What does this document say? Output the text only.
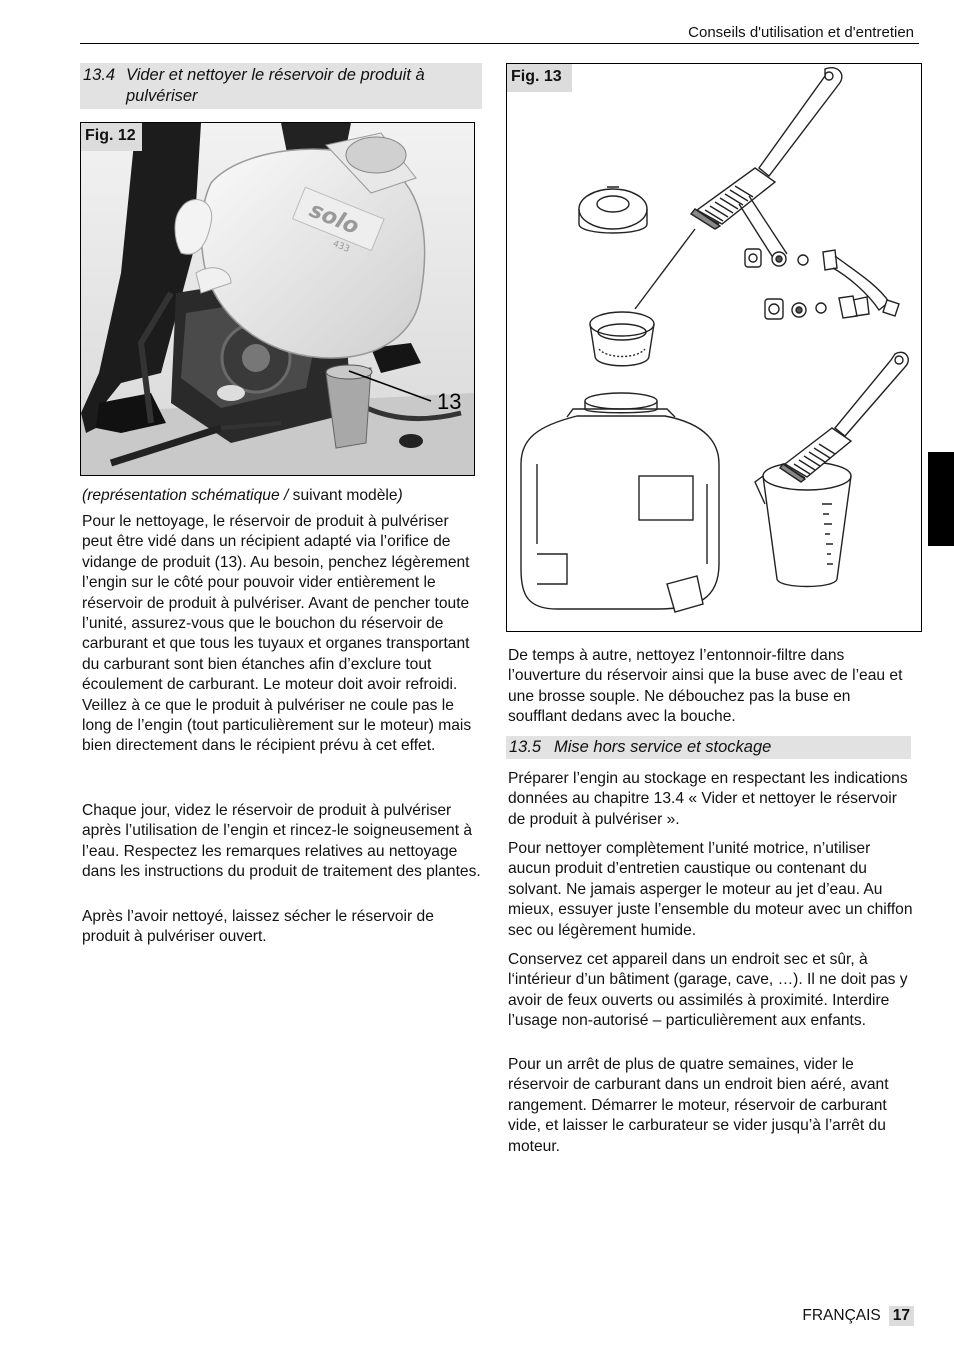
Conseils d'utilisation et d'entretien
13.4 Vider et nettoyer le réservoir de produit à pulvériser
Fig. 12
solo
433
13
Fig. 13

(représentation schématique / suivant modèle)

Pour le nettoyage, le réservoir de produit à pulvériser peut être vidé dans un récipient adapté via l’orifice de vidange de produit (13). Au besoin, penchez légèrement l’engin sur le côté pour pouvoir vider entièrement le réservoir de produit à pulvériser. Avant de pencher toute l’unité, assurez-vous que le bouchon du réservoir de carburant et que tous les tuyaux et organes transportant du carburant sont bien étanches afin d’exclure tout écoulement de carburant. Le moteur doit avoir refroidi. Veillez à ce que le produit à pulvériser ne coule pas le long de l’engin (tout particulièrement sur le moteur) mais bien directement dans le récipient prévu à cet effet.

Chaque jour, videz le réservoir de produit à pulvériser après l’utilisation de l’engin et rincez-le soigneusement à l’eau. Respectez les remarques relatives au nettoyage dans les instructions du produit de traitement des plantes.

Après l’avoir nettoyé, laissez sécher le réservoir de produit à pulvériser ouvert.

De temps à autre, nettoyez l’entonnoir-filtre dans l’ouverture du réservoir ainsi que la buse avec de l’eau et une brosse souple. Ne débouchez pas la buse en soufflant dedans avec la bouche.

13.5 Mise hors service et stockage

Préparer l’engin au stockage en respectant les indications données au chapitre 13.4 « Vider et nettoyer le réservoir de produit à pulvériser ».

Pour nettoyer complètement l’unité motrice, n’utiliser aucun produit d’entretien caustique ou contenant du solvant. Ne jamais asperger le moteur au jet d’eau. Au mieux, essuyer juste l’ensemble du moteur avec un chiffon sec ou légèrement humide.

Conservez cet appareil dans un endroit sec et sûr, à l‘intérieur d’un bâtiment (garage, cave, …). Il ne doit pas y avoir de feux ouverts ou assimilés à proximité. Interdire l’usage non-autorisé – particulièrement aux enfants.

Pour un arrêt de plus de quatre semaines, vider le réservoir de carburant dans un endroit bien aéré, avant rangement. Démarrer le moteur, réservoir de carburant vide, et laisser le carburateur se vider jusqu’à l’arrêt du moteur.

FRANÇAIS 17
